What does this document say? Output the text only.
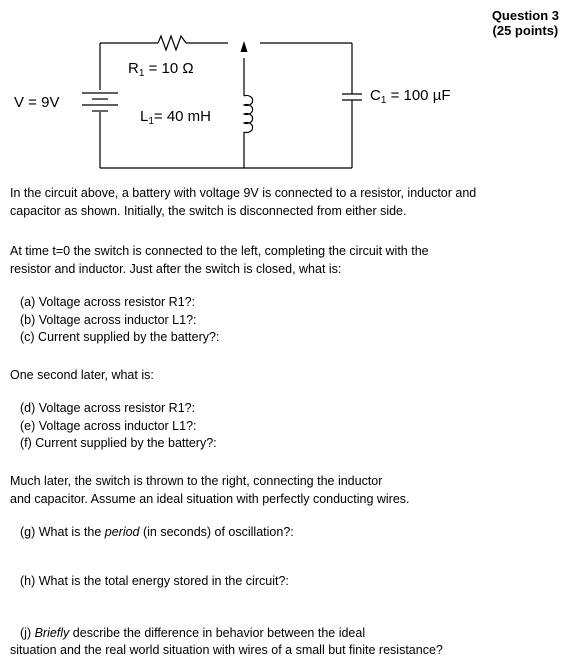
Question 3
(25 points)
V = 9V
$R_1 = 10$ Ω
$L_1= 40$ mH
$C_1 = 100$ µF
In the circuit above, a battery with voltage 9V is connected to a resistor, inductor and
capacitor as shown. Initially, the switch is disconnected from either side.
At time t=0 the switch is connected to the left, completing the circuit with the
resistor and inductor. Just after the switch is closed, what is:
(a) Voltage across resistor R1?:
(b) Voltage across inductor L1?:
(c) Current supplied by the battery?:
One second later, what is:
(d) Voltage across resistor R1?:
(e) Voltage across inductor L1?:
(f) Current supplied by the battery?:
Much later, the switch is thrown to the right, connecting the inductor
and capacitor. Assume an ideal situation with perfectly conducting wires.
(g) What is the period (in seconds) of oscillation?:
(h) What is the total energy stored in the circuit?:
(j) Briefly describe the difference in behavior between the ideal
situation and the real world situation with wires of a small but finite resistance?
